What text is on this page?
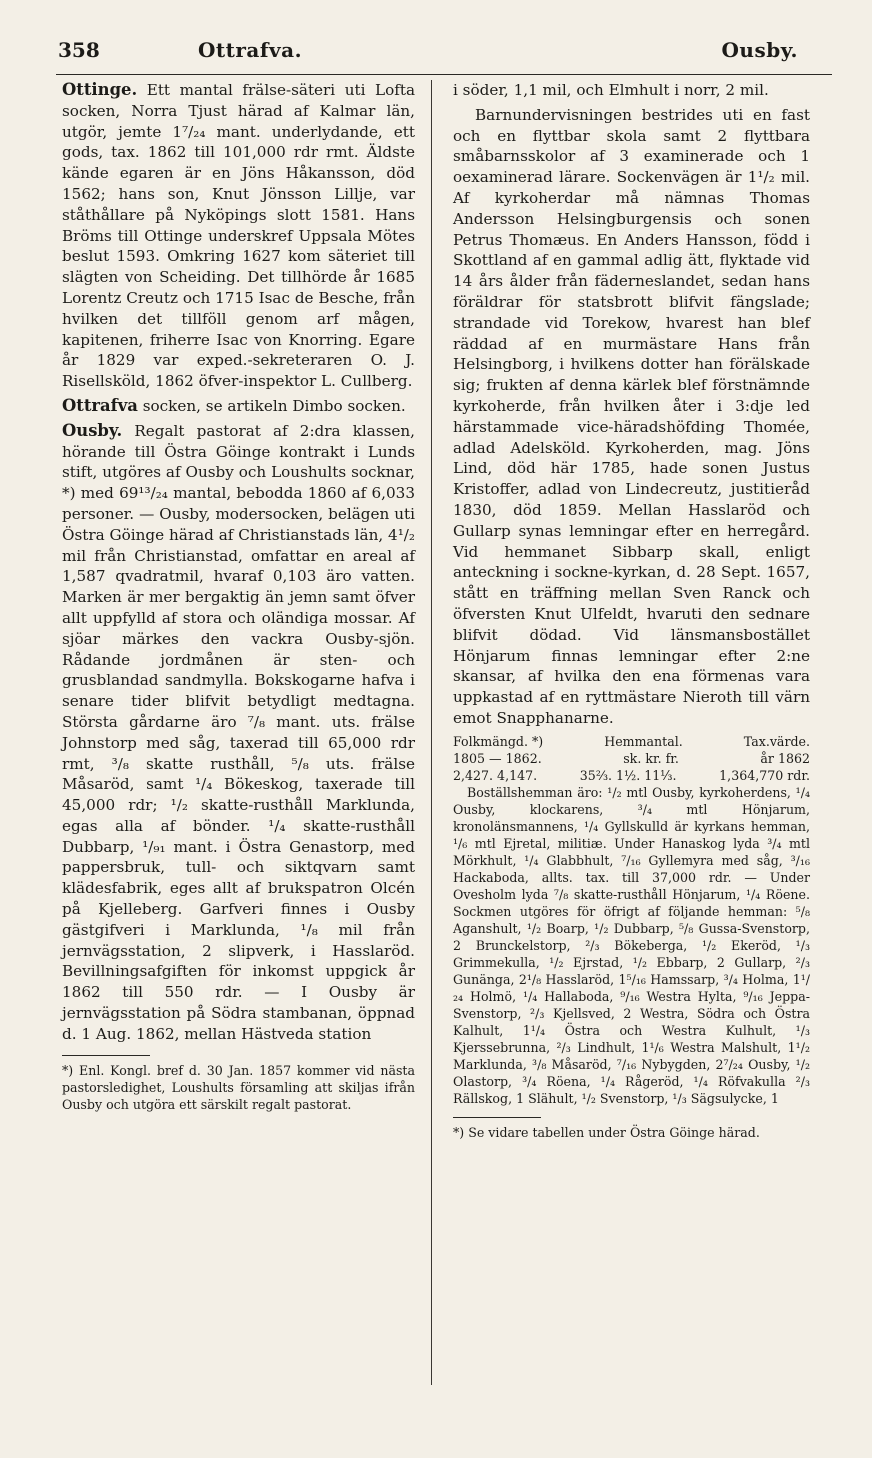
358	Ottrafva.	Ousby.

Ottinge. Ett mantal frälse-säteri uti Lofta socken, Norra Tjust härad af Kalmar län, utgör, jemte 1⁷/₂₄ mant. underlydande, ett gods, tax. 1862 till 101,000 rdr rmt. Äldste kände egaren är en Jöns Håkansson, död 1562; hans son, Knut Jönsson Lillje, var ståthållare på Nyköpings slott 1581. Hans Bröms till Ottinge underskref Uppsala Mötes beslut 1593. Omkring 1627 kom säteriet till slägten von Scheiding. Det tillhörde år 1685 Lorentz Creutz och 1715 Isac de Besche, från hvilken det tillföll genom arf mågen, kapitenen, friherre Isac von Knorring. Egare år 1829 var exped.-sekreteraren O. J. Risellsköld, 1862 öfver-inspektor L. Cullberg.

Ottrafva socken, se artikeln Dimbo socken.

Ousby. Regalt pastorat af 2:dra klassen, hörande till Östra Göinge kontrakt i Lunds stift, utgöres af Ousby och Loushults socknar, *) med 69¹³/₂₄ mantal, bebodda 1860 af 6,033 personer. — Ousby, modersocken, belägen uti Östra Göinge härad af Christianstads län, 4¹/₂ mil från Christianstad, omfattar en areal af 1,587 qvadratmil, hvaraf 0,103 äro vatten. Marken är mer bergaktig än jemn samt öfver allt uppfylld af stora och oländiga mossar. Af sjöar märkes den vackra Ousby-sjön. Rådande jordmånen är sten- och grusblandad sandmylla. Bokskogarne hafva i senare tider blifvit betydligt medtagna. Största gårdarne äro ⁷/₈ mant. uts. frälse Johnstorp med såg, taxerad till 65,000 rdr rmt, ³/₈ skatte rusthåll, ⁵/₈ uts. frälse Måsaröd, samt ¹/₄ Bökeskog, taxerade till 45,000 rdr; ¹/₂ skatte-rusthåll Marklunda, egas alla af bönder. ¹/₄ skatte-rusthåll Dubbarp, ¹/₉₁ mant. i Östra Genastorp, med pappersbruk, tull- och siktqvarn samt klädesfabrik, eges allt af brukspatron Olcén på Kjelleberg. Garfveri finnes i Ousby gästgifveri i Marklunda, ¹/₈ mil från jernvägsstation, 2 slipverk, i Hasslaröd. Bevillningsafgiften för inkomst uppgick år 1862 till 550 rdr. — I Ousby är jernvägsstation på Södra stambanan, öppnad d. 1 Aug. 1862, mellan Hästveda station

*) Enl. Kongl. bref d. 30 Jan. 1857 kommer vid nästa pastorsledighet, Loushults församling att skiljas ifrån Ousby och utgöra ett särskilt regalt pastorat.

i söder, 1,1 mil, och Elmhult i norr, 2 mil.

Barnundervisningen bestrides uti en fast och en flyttbar skola samt 2 flyttbara småbarnsskolor af 3 examinerade och 1 oexaminerad lärare. Sockenvägen är 1¹/₂ mil. Af kyrkoherdar må nämnas Thomas Andersson Helsingburgensis och sonen Petrus Thomæus. En Anders Hansson, född i Skottland af en gammal adlig ätt, flyktade vid 14 års ålder från fäderneslandet, sedan hans föräldrar för statsbrott blifvit fängslade; strandade vid Torekow, hvarest han blef räddad af en murmästare Hans från Helsingborg, i hvilkens dotter han förälskade sig; frukten af denna kärlek blef förstnämnde kyrkoherde, från hvilken åter i 3:dje led härstammade vice-häradshöfding Thomée, adlad Adelsköld. Kyrkoherden, mag. Jöns Lind, död här 1785, hade sonen Justus Kristoffer, adlad von Lindecreutz, justitieråd 1830, död 1859. Mellan Hasslaröd och Gullarp synas lemningar efter en herregård. Vid hemmanet Sibbarp skall, enligt anteckning i sockne-kyrkan, d. 28 Sept. 1657, stått en träffning mellan Sven Ranck och öfversten Knut Ulfeldt, hvaruti den sednare blifvit dödad. Vid länsmansbostället Hönjarum finnas lemningar efter 2:ne skansar, af hvilka den ena förmenas vara uppkastad af en ryttmästare Nieroth till värn emot Snapphanarne.

Folkmängd. *)	Hemmantal.	Tax.värde.
1805 — 1862.	sk. kr. fr.	år 1862
2,427. 4,147.	35⅔. 1½. 11⅓.	1,364,770 rdr.

Boställshemman äro: ¹/₂ mtl Ousby, kyrkoherdens, ¹/₄ Ousby, klockarens, ³/₄ mtl Hönjarum, kronolänsmannens, ¹/₄ Gyllskulld är kyrkans hemman, ¹/₆ mtl Ejretal, militiæ. Under Hanaskog lyda ³/₄ mtl Mörkhult, ¹/₄ Glabbhult, ⁷/₁₆ Gyllemyra med såg, ³/₁₆ Hackaboda, allts. tax. till 37,000 rdr. — Under Ovesholm lyda ⁷/₈ skatte-rusthåll Hönjarum, ¹/₄ Röene. Sockmen utgöres för öfrigt af följande hemman: ⁵/₈ Aganshult, ¹/₂ Boarp, ¹/₂ Dubbarp, ⁵/₈ Gussa-Svenstorp, 2 Brunckelstorp, ²/₃ Bökeberga, ¹/₂ Ekeröd, ¹/₃ Grimmekulla, ¹/₂ Ejrstad, ¹/₂ Ebbarp, 2 Gullarp, ²/₃ Gunänga, 2¹/₈ Hasslaröd, 1⁵/₁₆ Hamssarp, ³/₄ Holma, 1¹/₂₄ Holmö, ¹/₄ Hallaboda, ⁹/₁₆ Westra Hylta, ⁹/₁₆ Jeppa-Svenstorp, ²/₃ Kjellsved, 2 Westra, Södra och Östra Kalhult, 1¹/₄ Östra och Westra Kulhult, ¹/₃ Kjerssebrunna, ²/₃ Lindhult, 1¹/₆ Westra Malshult, 1¹/₂ Marklunda, ³/₈ Måsaröd, ⁷/₁₆ Nybygden, 2⁷/₂₄ Ousby, ¹/₂ Olastorp, ³/₄ Röena, ¹/₄ Rågeröd, ¹/₄ Röfvakulla ²/₃ Rällskog, 1 Slähult, ¹/₂ Svenstorp, ¹/₃ Sägsulycke, 1

*) Se vidare tabellen under Östra Göinge härad.
